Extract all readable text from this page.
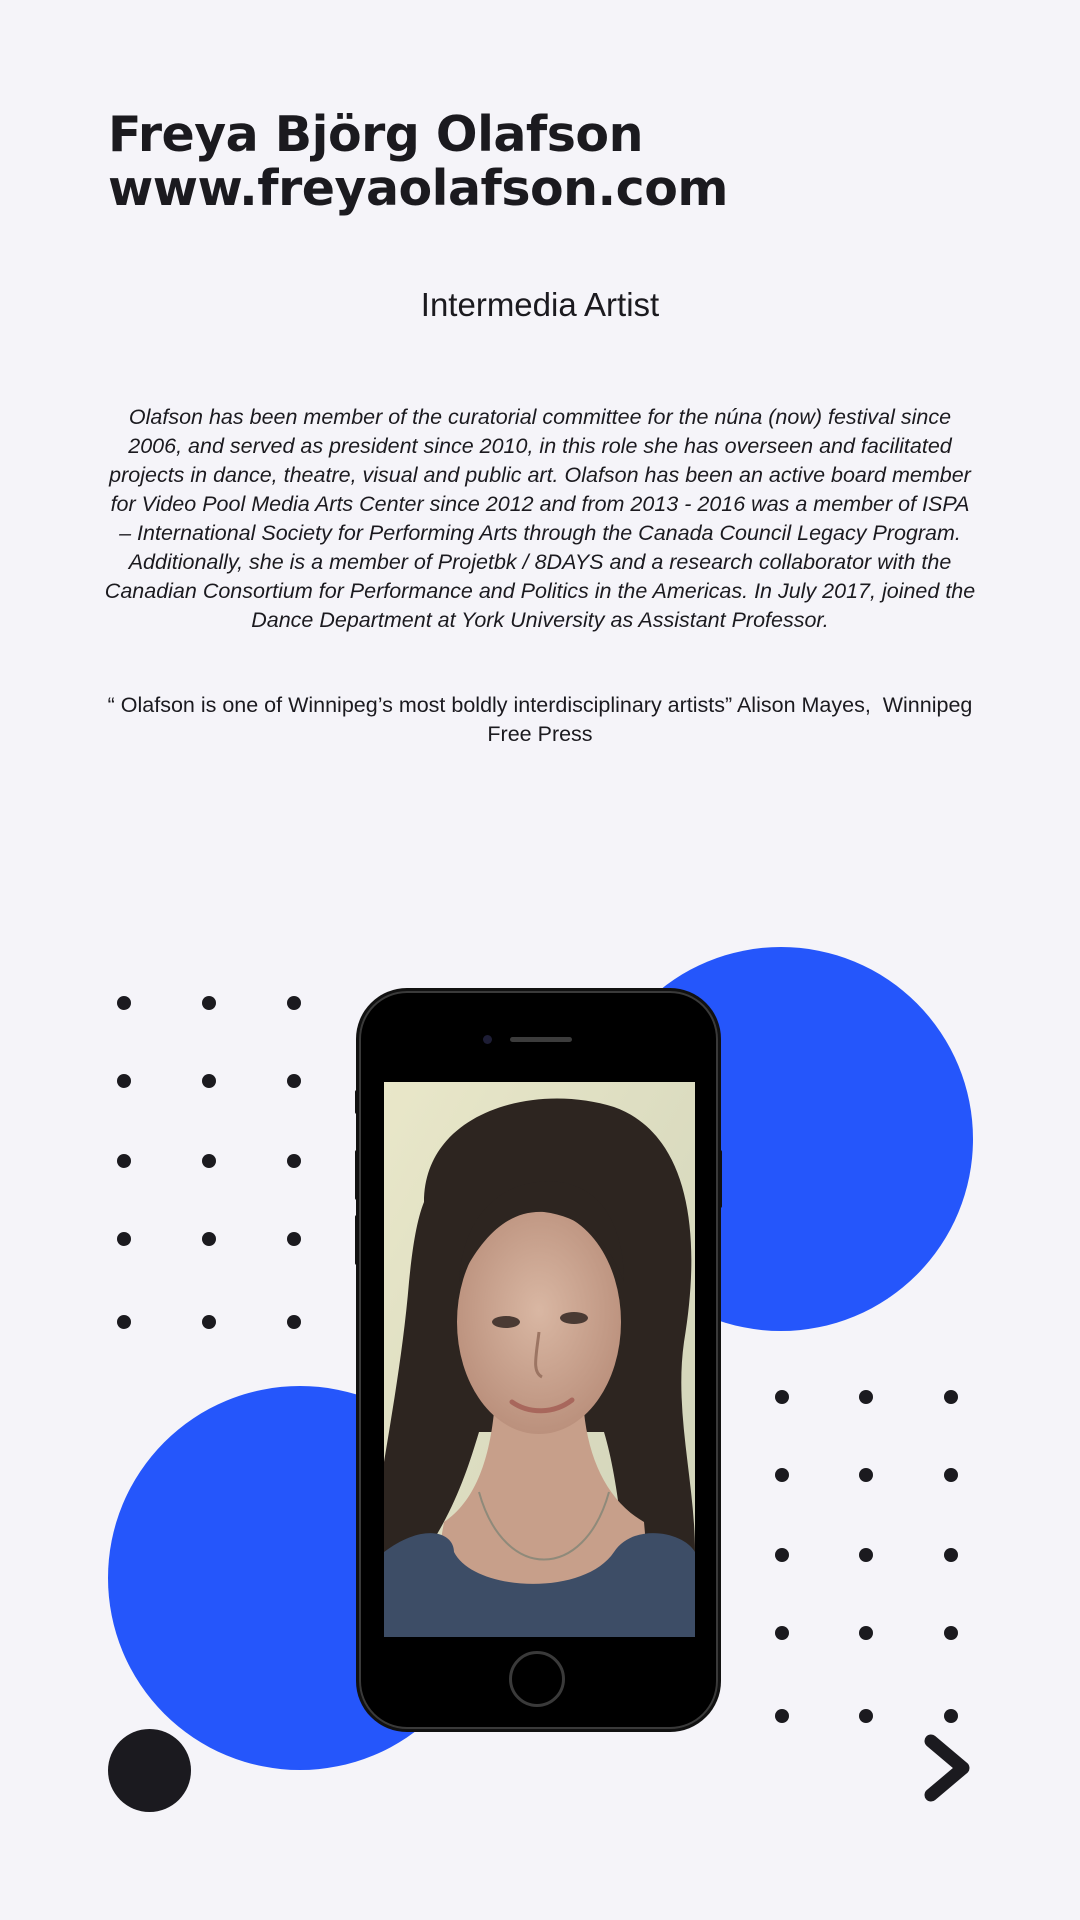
Freya Björg Olafson
www.freyaolafson.com
Intermedia Artist
Olafson has been member of the curatorial committee for the núna (now) festival since 2006, and served as president since 2010, in this role she has overseen and facilitated projects in dance, theatre, visual and public art. Olafson has been an active board member for Video Pool Media Arts Center since 2012 and from 2013 - 2016 was a member of ISPA – International Society for Performing Arts through the Canada Council Legacy Program. Additionally, she is a member of Projetbk / 8DAYS and a research collaborator with the Canadian Consortium for Performance and Politics in the Americas. In July 2017, joined the Dance Department at York University as Assistant Professor.
“ Olafson is one of Winnipeg’s most boldly interdisciplinary artists” Alison Mayes,  Winnipeg Free Press
